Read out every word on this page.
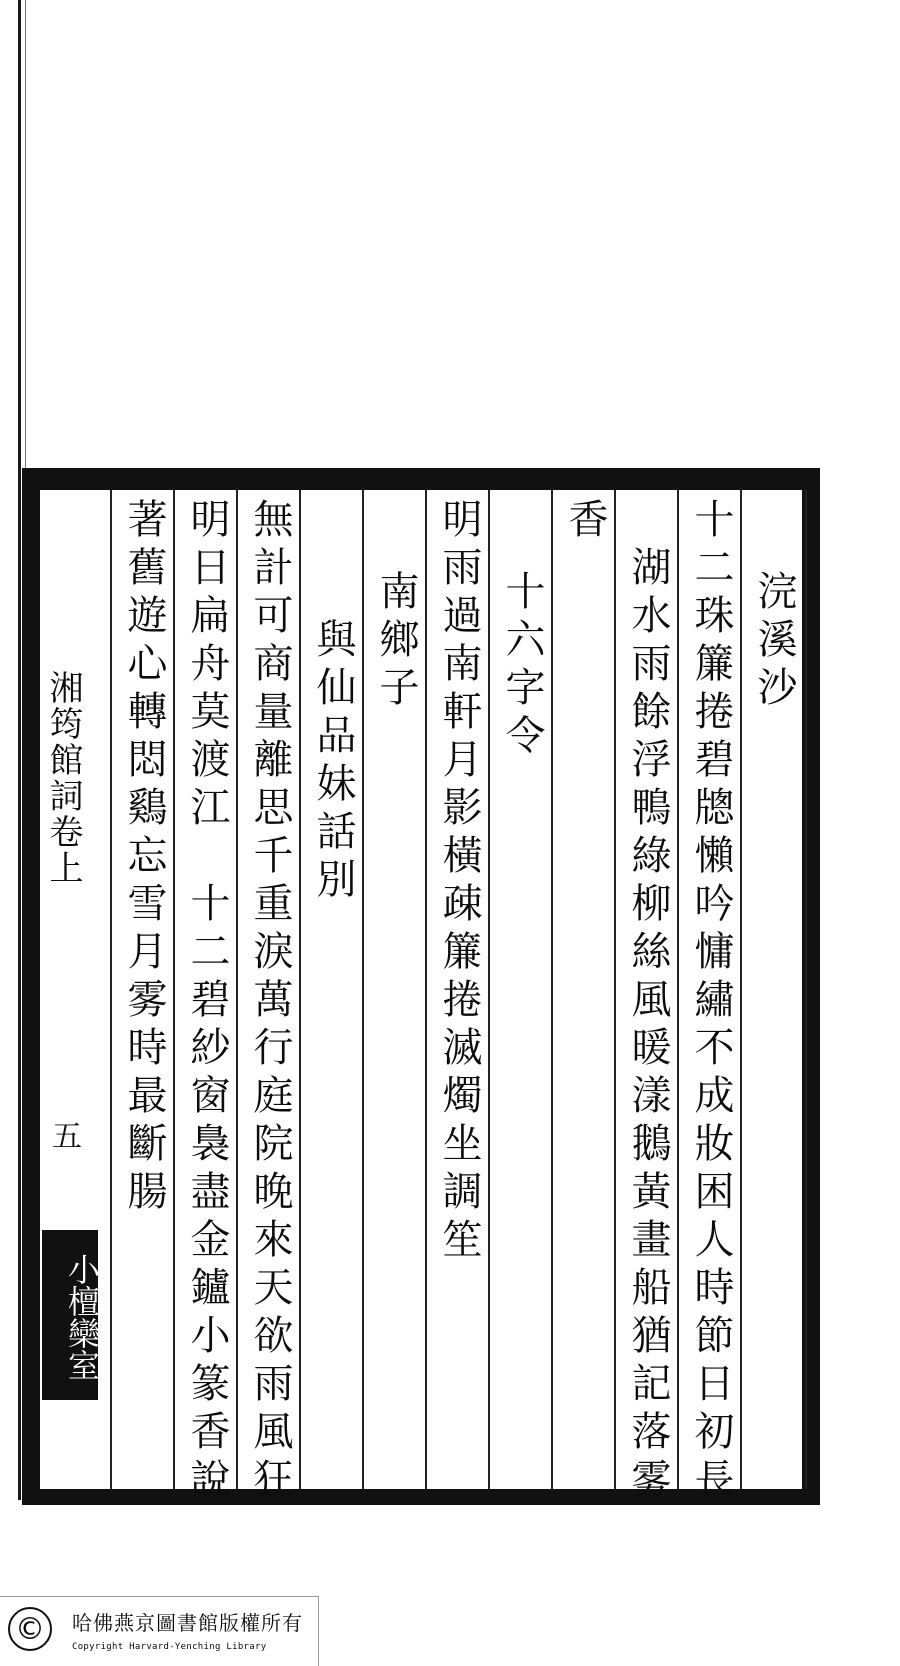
湘筠館詞卷上
五
小檀欒室
浣溪沙
十二珠簾捲碧牕懶吟慵繡不成妝困人時節日初長
湖水雨餘浮鴨綠柳絲風暖漾鵝黃畫船猶記落雾
香
十六字令
明雨過南軒月影橫疎簾捲滅燭坐調笙
南鄉子
與仙品妹話別
無計可商量離思千重淚萬行庭院晚來天欲雨風狂
明日扁舟莫渡江　十二碧紗窗裊盡金鑪小篆香說
著舊遊心轉悶鷄忘雪月雾時最斷腸
©	哈佛燕京圖書館版權所有
Copyright Harvard-Yenching Library
